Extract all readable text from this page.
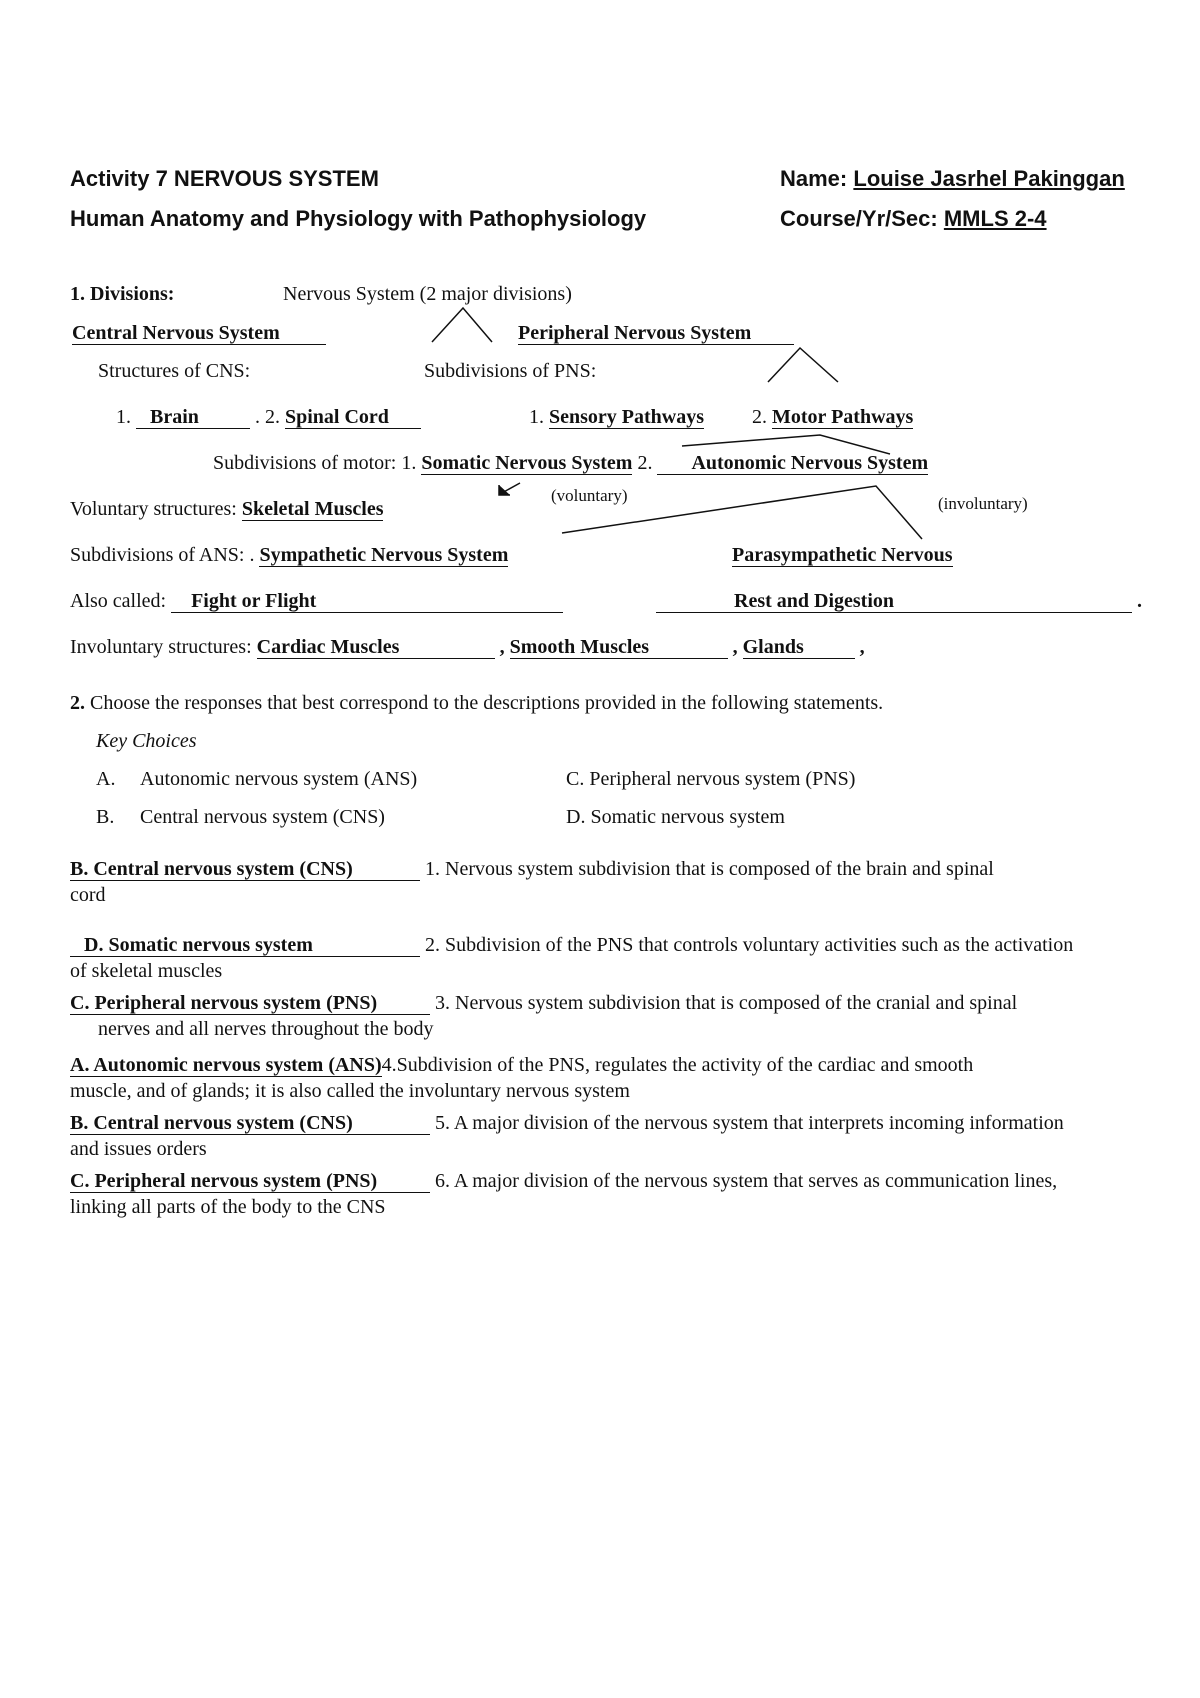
Activity 7 NERVOUS SYSTEM
Human Anatomy and Physiology with Pathophysiology
Name: Louise Jasrhel Pakinggan
Course/Yr/Sec: MMLS 2-4
1. Divisions:	Nervous System (2 major divisions)
Central Nervous System	Peripheral Nervous System
Structures of CNS:	Subdivisions of PNS:
1. Brain	. 2. Spinal Cord	1. Sensory Pathways 2. Motor Pathways
Subdivisions of motor: 1. Somatic Nervous System 2. Autonomic Nervous System
(voluntary)	(involuntary)
Voluntary structures: Skeletal Muscles
Subdivisions of ANS: . Sympathetic Nervous System	Parasympathetic Nervous
Also called: Fight or Flight	Rest and Digestion	.
Involuntary structures: Cardiac Muscles	, Smooth Muscles	, Glands	,
2. Choose the responses that best correspond to the descriptions provided in the following statements.
Key Choices
A. Autonomic nervous system (ANS)
B. Central nervous system (CNS)
C. Peripheral nervous system (PNS)
D. Somatic nervous system
B. Central nervous system (CNS)	1. Nervous system subdivision that is composed of the brain and spinal
cord
D. Somatic nervous system	2. Subdivision of the PNS that controls voluntary activities such as the activation
of skeletal muscles
C. Peripheral nervous system (PNS)	3. Nervous system subdivision that is composed of the cranial and spinal
nerves and all nerves throughout the body
A. Autonomic nervous system (ANS)4.Subdivision of the PNS, regulates the activity of the cardiac and smooth
muscle, and of glands; it is also called the involuntary nervous system
B. Central nervous system (CNS)	5. A major division of the nervous system that interprets incoming information
and issues orders
C. Peripheral nervous system (PNS)	6. A major division of the nervous system that serves as communication lines,
linking all parts of the body to the CNS
